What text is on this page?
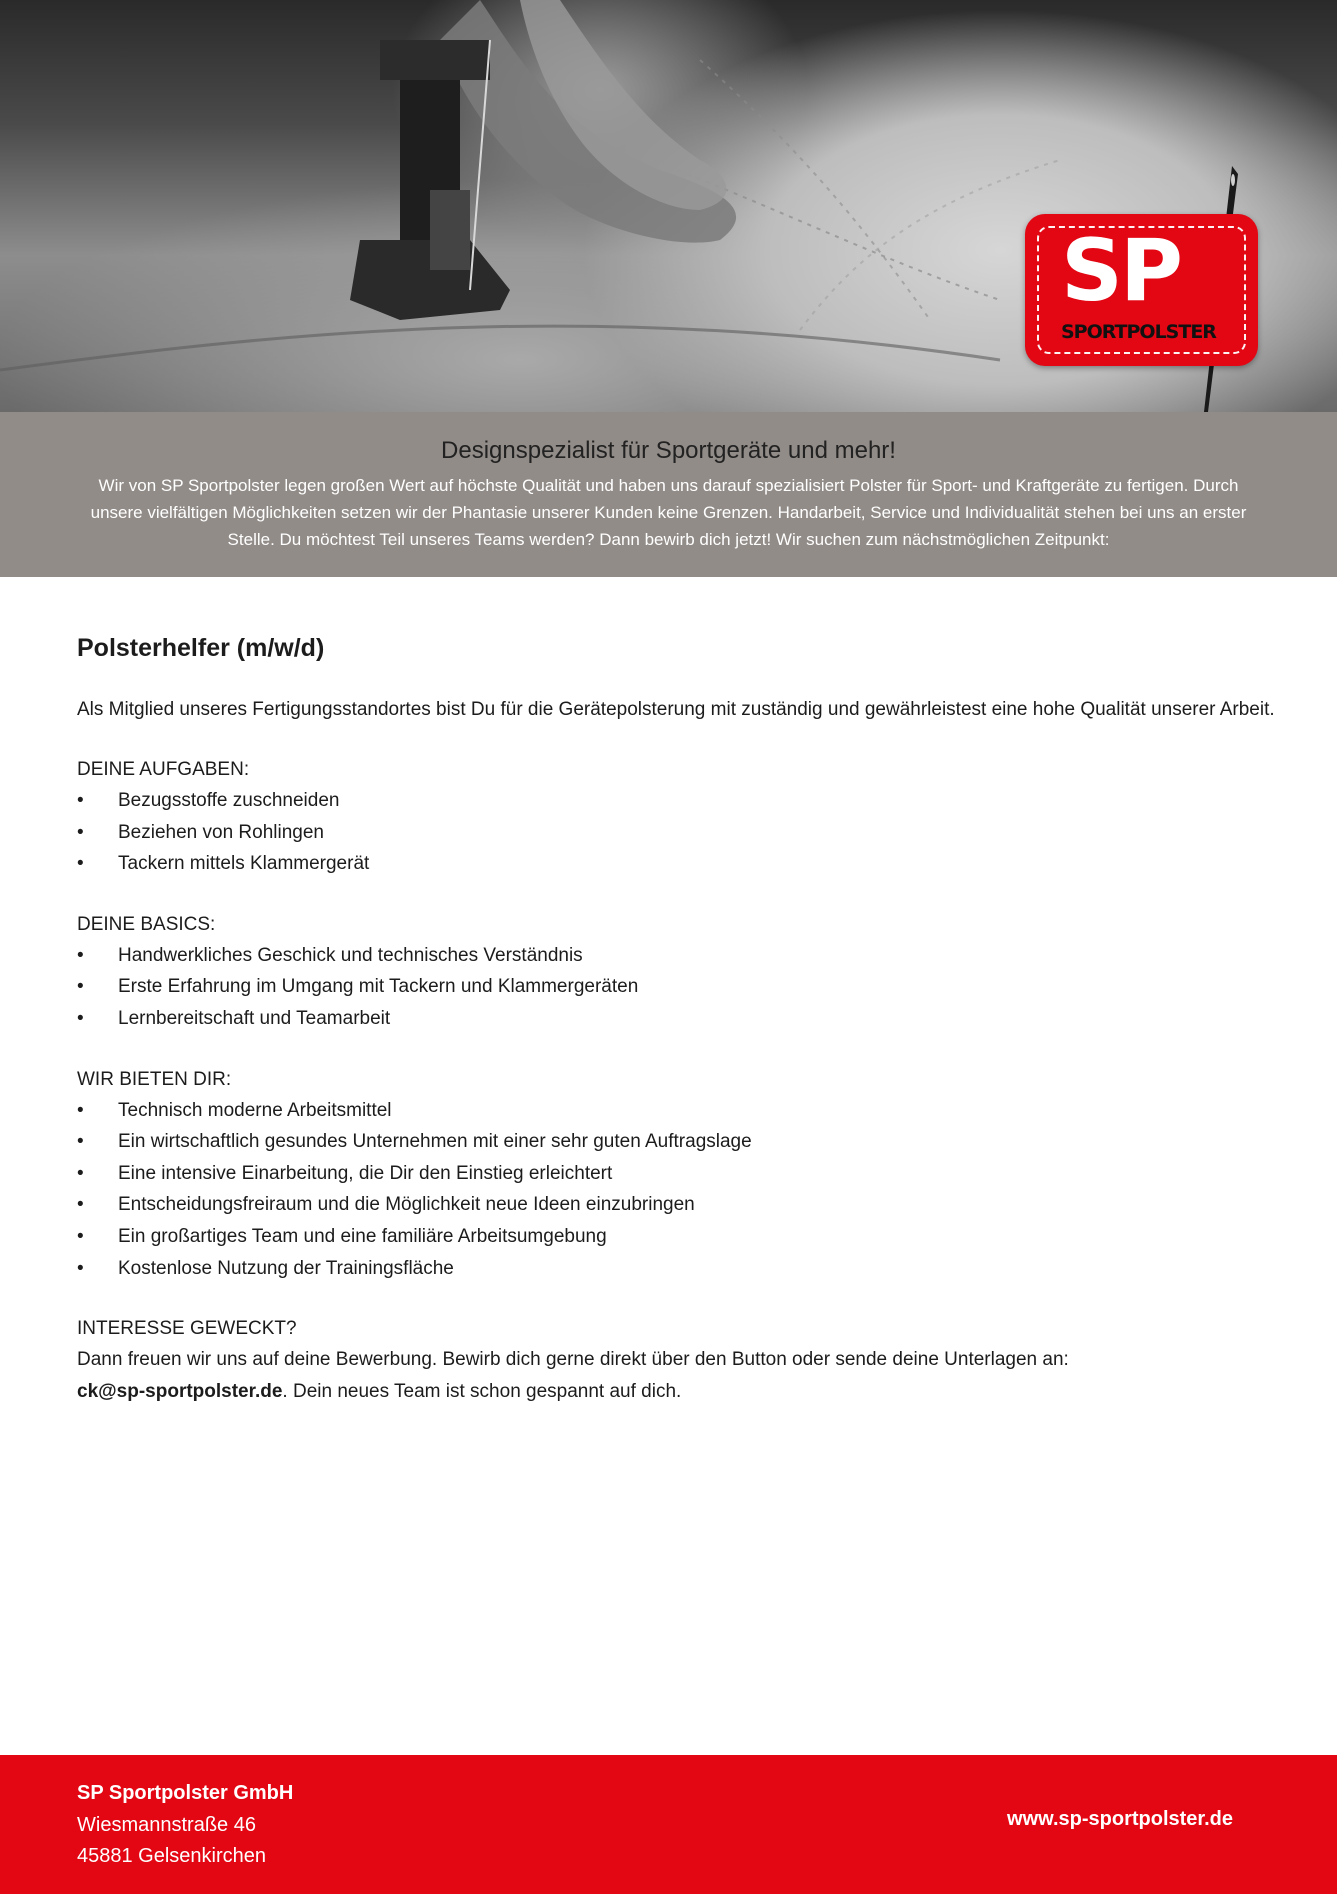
SP
SPORTPOLSTER
Designspezialist für Sportgeräte und mehr!

Wir von SP Sportpolster legen großen Wert auf höchste Qualität und haben uns darauf spezialisiert Polster für Sport- und Kraftgeräte zu fertigen. Durch unsere vielfältigen Möglichkeiten setzen wir der Phantasie unserer Kunden keine Grenzen. Handarbeit, Service und Individualität stehen bei uns an erster Stelle. Du möchtest Teil unseres Teams werden? Dann bewirb dich jetzt! Wir suchen zum nächstmöglichen Zeitpunkt:

Polsterhelfer (m/w/d)

Als Mitglied unseres Fertigungsstandortes bist Du für die Gerätepolsterung mit zuständig und gewährleistest eine hohe Qualität unserer Arbeit.

DEINE AUFGABEN:

• Bezugsstoffe zuschneiden
• Beziehen von Rohlingen
• Tackern mittels Klammergerät

DEINE BASICS:

• Handwerkliches Geschick und technisches Verständnis
• Erste Erfahrung im Umgang mit Tackern und Klammergeräten
• Lernbereitschaft und Teamarbeit

WIR BIETEN DIR:

• Technisch moderne Arbeitsmittel
• Ein wirtschaftlich gesundes Unternehmen mit einer sehr guten Auftragslage
• Eine intensive Einarbeitung, die Dir den Einstieg erleichtert
• Entscheidungsfreiraum und die Möglichkeit neue Ideen einzubringen
• Ein großartiges Team und eine familiäre Arbeitsumgebung
• Kostenlose Nutzung der Trainingsfläche

INTERESSE GEWECKT?

Dann freuen wir uns auf deine Bewerbung. Bewirb dich gerne direkt über den Button oder sende deine Unterlagen an:
ck@sp-sportpolster.de. Dein neues Team ist schon gespannt auf dich.

SP Sportpolster GmbH
Wiesmannstraße 46
45881 Gelsenkirchen
www.sp-sportpolster.de
